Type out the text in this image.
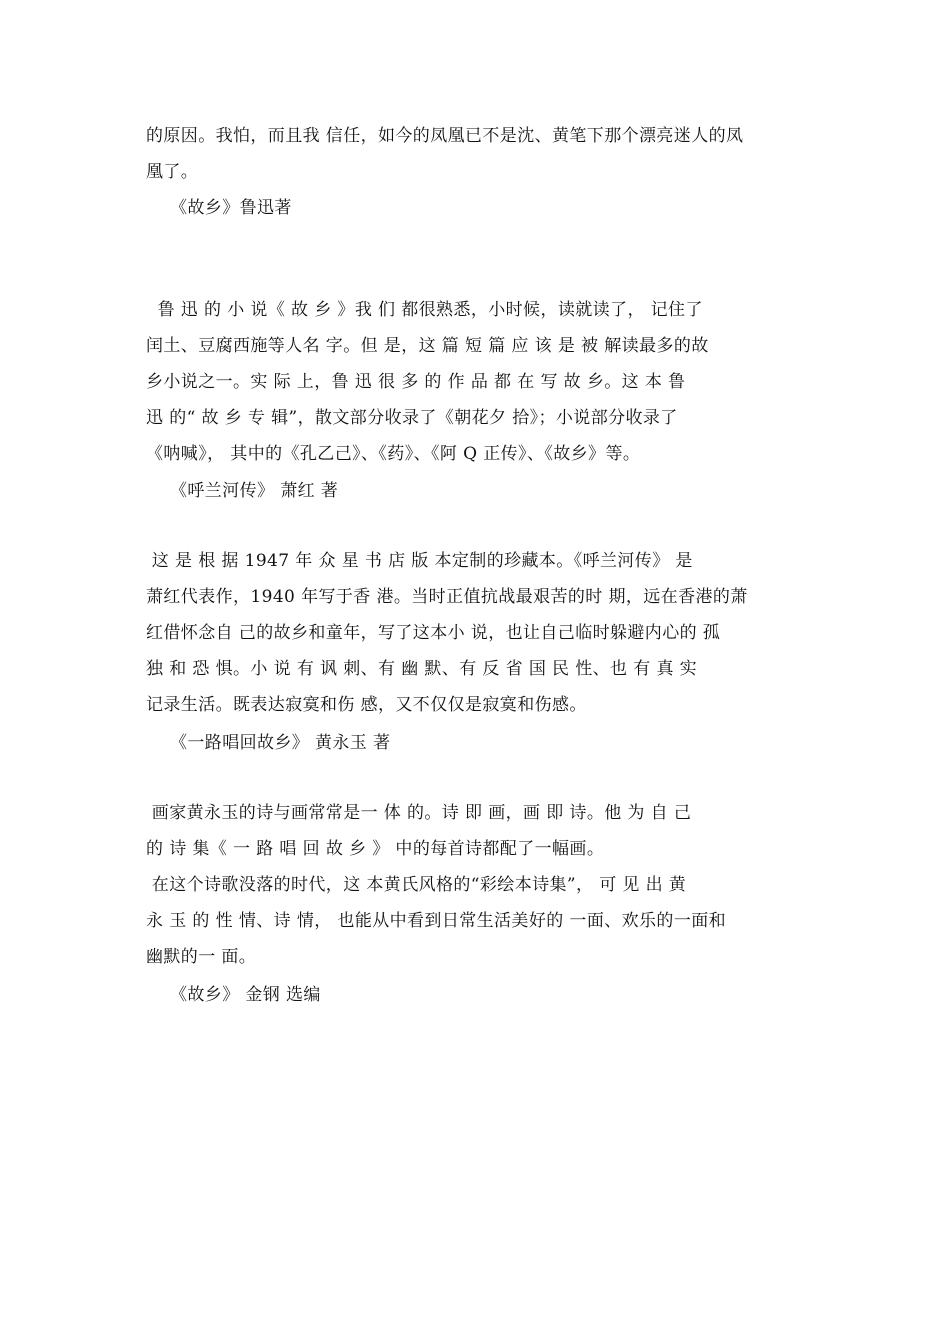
的原因。我怕，而且我 信任，如今的凤凰已不是沈、黄笔下那个漂亮迷人的凤
凰了。
《故乡》鲁迅著
鲁 迅 的 小 说《 故 乡 》我 们 都很熟悉，小时候，读就读了， 记住了
闰土、豆腐西施等人名 字。但 是，这 篇 短 篇 应 该 是 被 解读最多的故
乡小说之一。实 际 上，鲁 迅 很 多 的 作 品 都 在 写 故 乡。这 本 鲁
迅 的“ 故 乡 专 辑”，散文部分收录了《朝花夕 拾》；小说部分收录了
《呐喊》， 其中的《孔乙己》、《药》、《阿 Q 正传》、《故乡》等。
《呼兰河传》 萧红 著
这 是 根 据 1947 年 众 星 书 店 版 本定制的珍藏本。《呼兰河传》 是
萧红代表作，1940 年写于香 港。当时正值抗战最艰苦的时 期，远在香港的萧
红借怀念自 己的故乡和童年，写了这本小 说，也让自己临时躲避内心的 孤
独 和 恐 惧。小 说 有 讽 刺、有 幽 默、有 反 省 国 民 性、也 有 真 实
记录生活。既表达寂寞和伤 感，又不仅仅是寂寞和伤感。
《一路唱回故乡》 黄永玉 著
画家黄永玉的诗与画常常是一 体 的。诗 即 画，画 即 诗。他 为 自 己
的 诗 集《 一 路 唱 回 故 乡 》 中的每首诗都配了一幅画。
在这个诗歌没落的时代，这 本黄氏风格的“彩绘本诗集”， 可 见 出 黄
永 玉 的 性 情、诗 情， 也能从中看到日常生活美好的 一面、欢乐的一面和
幽默的一 面。
《故乡》 金钢 选编
